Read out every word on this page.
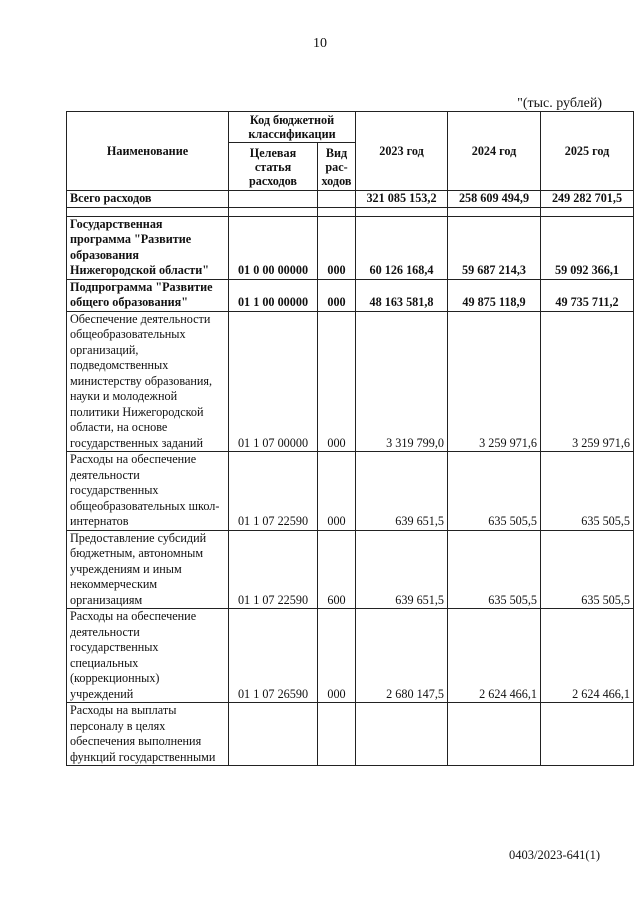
10
"(тыс. рублей)
Наименование	Код бюджетной классификации		2023 год	2024 год	2025 год
	Целевая статья расходов	Вид рас-ходов			
Всего расходов			321 085 153,2	258 609 494,9	249 282 701,5

Государственная программа "Развитие образования Нижегородской области"	01 0 00 00000	000	60 126 168,4	59 687 214,3	59 092 366,1
Подпрограмма "Развитие общего образования"	01 1 00 00000	000	48 163 581,8	49 875 118,9	49 735 711,2
Обеспечение деятельности общеобразовательных организаций, подведомственных министерству образования, науки и молодежной политики Нижегородской области, на основе государственных заданий	01 1 07 00000	000	3 319 799,0	3 259 971,6	3 259 971,6
Расходы на обеспечение деятельности государственных общеобразовательных школ-интернатов	01 1 07 22590	000	639 651,5	635 505,5	635 505,5
Предоставление субсидий бюджетным, автономным учреждениям и иным некоммерческим организациям	01 1 07 22590	600	639 651,5	635 505,5	635 505,5
Расходы на обеспечение деятельности государственных специальных (коррекционных) учреждений	01 1 07 26590	000	2 680 147,5	2 624 466,1	2 624 466,1
Расходы на выплаты персоналу в целях обеспечения выполнения функций государственными					
0403/2023-641(1)
